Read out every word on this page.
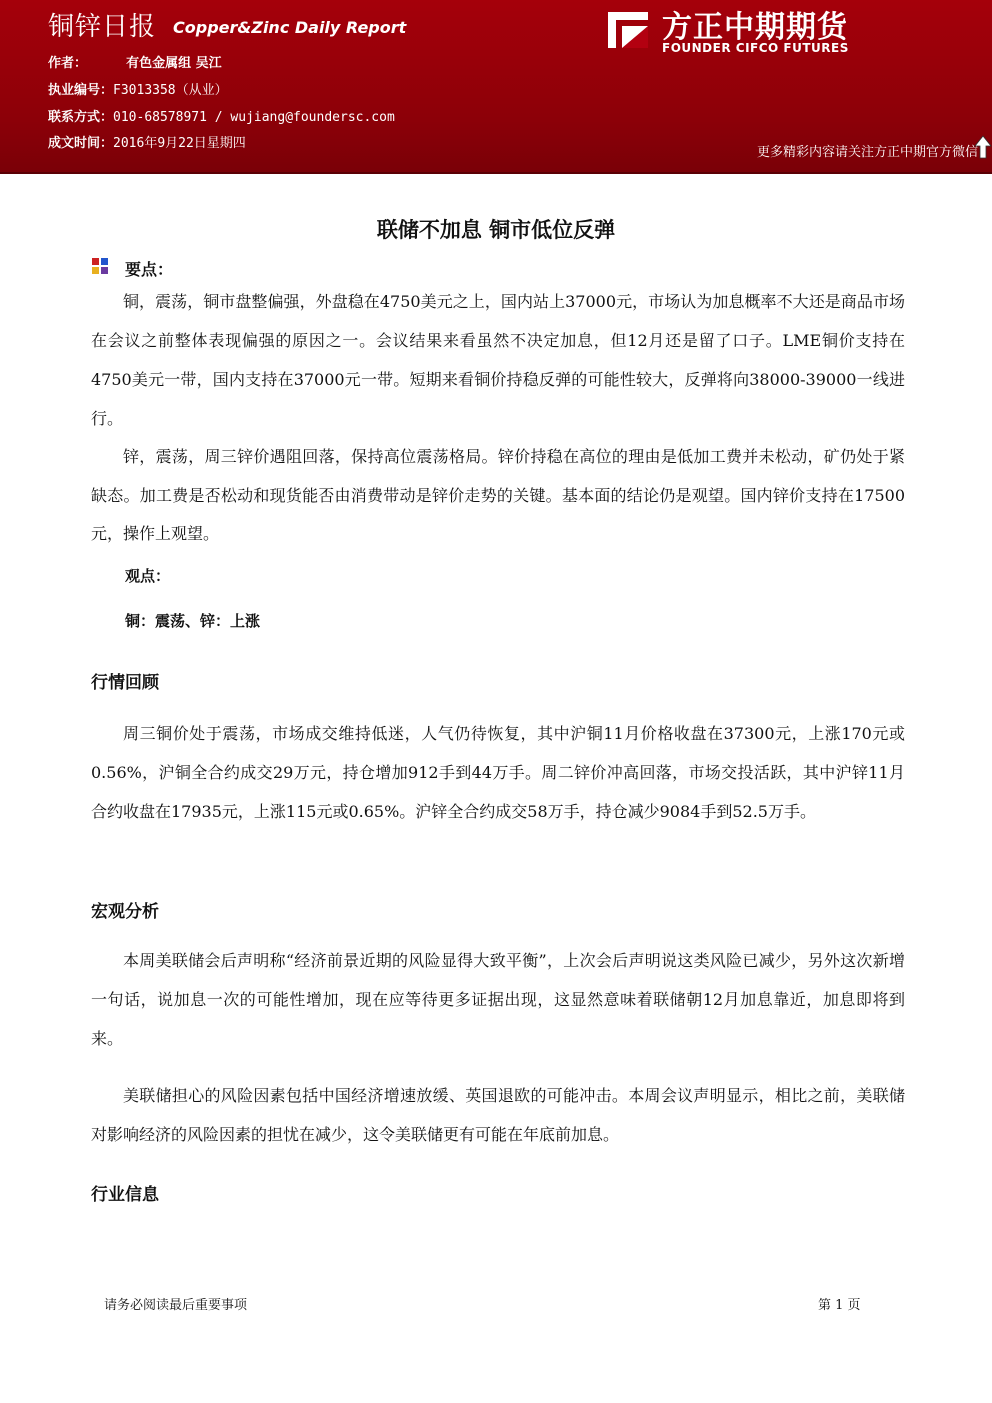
铜锌日报 Copper&Zinc Daily Report
作者：	有色金属组 吴江
执业编号：F3013358（从业）
联系方式：010-68578971 / wujiang@foundersc.com
成文时间：2016年9月22日星期四
方正中期期货
FOUNDER CIFCO FUTURES
更多精彩内容请关注方正中期官方微信
联储不加息 铜市低位反弹
要点：

铜，震荡，铜市盘整偏强，外盘稳在4750美元之上，国内站上37000元，市场认为加息概率不大还是商品市场在会议之前整体表现偏强的原因之一。会议结果来看虽然不决定加息，但12月还是留了口子。LME铜价支持在4750美元一带，国内支持在37000元一带。短期来看铜价持稳反弹的可能性较大，反弹将向38000-39000一线进行。

锌，震荡，周三锌价遇阻回落，保持高位震荡格局。锌价持稳在高位的理由是低加工费并未松动，矿仍处于紧缺态。加工费是否松动和现货能否由消费带动是锌价走势的关键。基本面的结论仍是观望。国内锌价支持在17500元，操作上观望。

观点：
铜：震荡、锌：上涨
行情回顾

周三铜价处于震荡，市场成交维持低迷，人气仍待恢复，其中沪铜11月价格收盘在37300元，上涨170元或0.56%，沪铜全合约成交29万元，持仓增加912手到44万手。周二锌价冲高回落，市场交投活跃，其中沪锌11月合约收盘在17935元，上涨115元或0.65%。沪锌全合约成交58万手，持仓减少9084手到52.5万手。

宏观分析

本周美联储会后声明称“经济前景近期的风险显得大致平衡”，上次会后声明说这类风险已减少，另外这次新增一句话，说加息一次的可能性增加，现在应等待更多证据出现，这显然意味着联储朝12月加息靠近，加息即将到来。

美联储担心的风险因素包括中国经济增速放缓、英国退欧的可能冲击。本周会议声明显示，相比之前，美联储对影响经济的风险因素的担忧在减少，这令美联储更有可能在年底前加息。

行业信息
请务必阅读最后重要事项	第 1 页
